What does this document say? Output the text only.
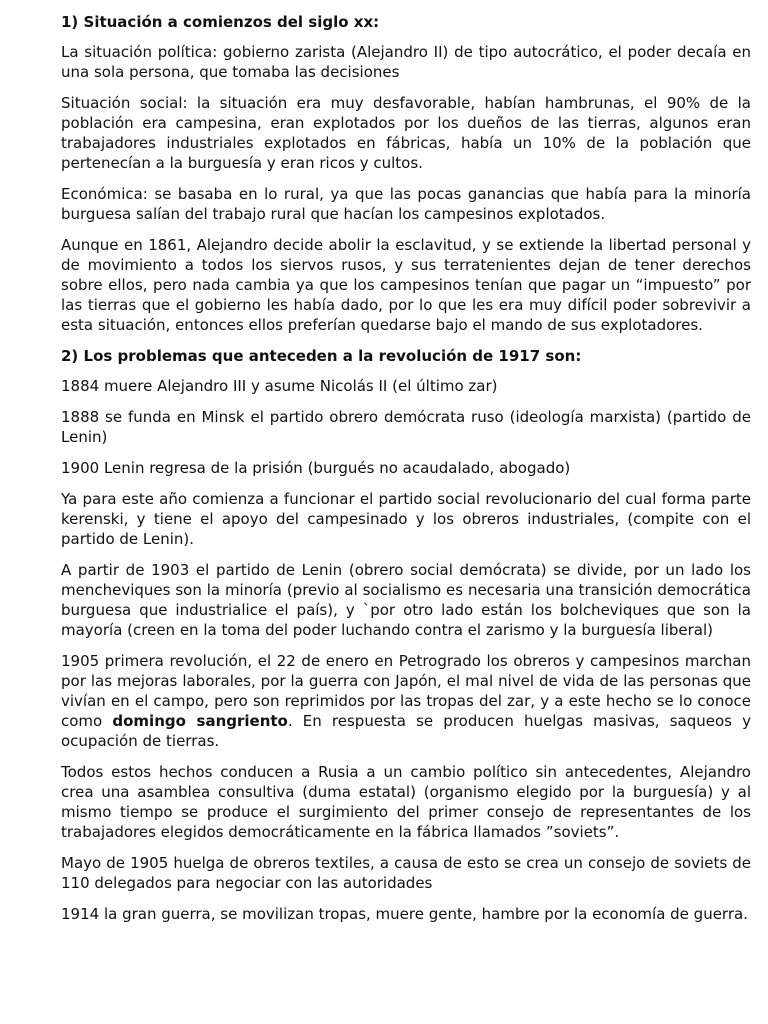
1) Situación a comienzos del siglo xx:
La situación política: gobierno zarista (Alejandro II) de tipo autocrático, el poder decaía en una sola persona, que tomaba las decisiones
Situación social: la situación era muy desfavorable, habían hambrunas, el 90% de la población era campesina, eran explotados por los dueños de las tierras, algunos eran trabajadores industriales explotados en fábricas, había un 10% de la población que pertenecían a la burguesía y eran ricos y cultos.
Económica: se basaba en lo rural, ya que las pocas ganancias que había para la minoría burguesa salían del trabajo rural que hacían los campesinos explotados.
Aunque en 1861, Alejandro decide abolir la esclavitud, y se extiende la libertad personal y de movimiento a todos los siervos rusos, y sus terratenientes dejan de tener derechos sobre ellos, pero nada cambia ya que los campesinos tenían que pagar un “impuesto” por las tierras que el gobierno les había dado, por lo que les era muy difícil poder sobrevivir a esta situación, entonces ellos preferían quedarse bajo el mando de sus explotadores.
2) Los problemas que anteceden a la revolución de 1917 son:
1884 muere Alejandro III y asume Nicolás II (el último zar)
1888 se funda en Minsk el partido obrero demócrata ruso (ideología marxista) (partido de Lenin)
1900 Lenin regresa de la prisión (burgués no acaudalado, abogado)
Ya para este año comienza a funcionar el partido social revolucionario del cual forma parte kerenski, y tiene el apoyo del campesinado y los obreros industriales, (compite con el partido de Lenin).
A partir de 1903 el partido de Lenin (obrero social demócrata) se divide, por un lado los mencheviques son la minoría (previo al socialismo es necesaria una transición democrática burguesa que industrialice el país), y `por otro lado están los bolcheviques que son la mayoría (creen en la toma del poder luchando contra el zarismo y la burguesía liberal)
1905 primera revolución, el 22 de enero en Petrogrado los obreros y campesinos marchan por las mejoras laborales, por la guerra con Japón, el mal nivel de vida de las personas que vivían en el campo, pero son reprimidos por las tropas del zar, y a este hecho se lo conoce como domingo sangriento. En respuesta se producen huelgas masivas, saqueos y ocupación de tierras.
Todos estos hechos conducen a Rusia a un cambio político sin antecedentes, Alejandro crea una asamblea consultiva (duma estatal) (organismo elegido por la burguesía) y al mismo tiempo se produce el surgimiento del primer consejo de representantes de los trabajadores elegidos democráticamente en la fábrica llamados ”soviets”.
Mayo de 1905 huelga de obreros textiles, a causa de esto se crea un consejo de soviets de 110 delegados para negociar con las autoridades
1914 la gran guerra, se movilizan tropas, muere gente, hambre por la economía de guerra.
